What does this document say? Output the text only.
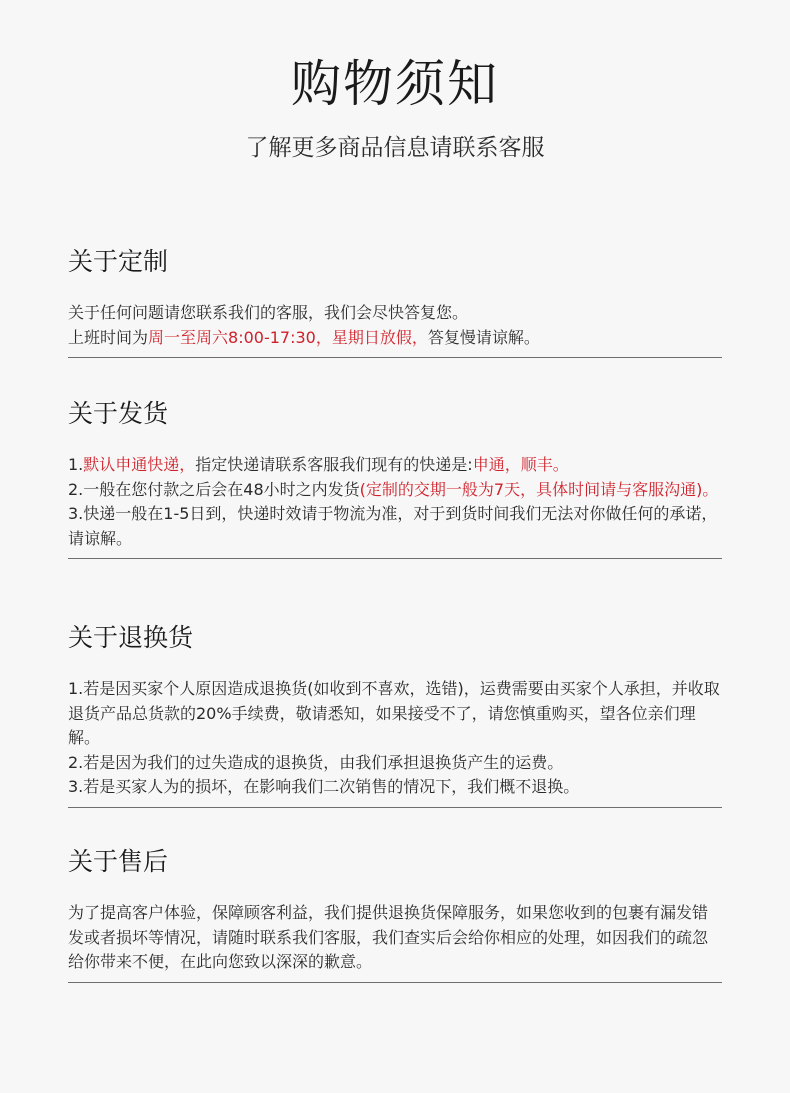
购物须知
了解更多商品信息请联系客服
关于定制

关于任何问题请您联系我们的客服，我们会尽快答复您。

上班时间为周一至周六8:00-17:30，星期日放假，答复慢请谅解。

关于发货

1.默认申通快递，指定快递请联系客服我们现有的快递是:申通，顺丰。

2.一般在您付款之后会在48小时之内发货(定制的交期一般为7天，具体时间请与客服沟通)。

3.快递一般在1-5日到，快递时效请于物流为准，对于到货时间我们无法对你做任何的承诺，请谅解。

关于退换货

1.若是因买家个人原因造成退换货(如收到不喜欢，选错)，运费需要由买家个人承担，并收取退货产品总货款的20%手续费，敬请悉知，如果接受不了，请您慎重购买，望各位亲们理解。

2.若是因为我们的过失造成的退换货，由我们承担退换货产生的运费。

3.若是买家人为的损坏，在影响我们二次销售的情况下，我们概不退换。

关于售后

为了提高客户体验，保障顾客利益，我们提供退换货保障服务，如果您收到的包裹有漏发错发或者损坏等情况，请随时联系我们客服，我们查实后会给你相应的处理，如因我们的疏忽给你带来不便，在此向您致以深深的歉意。
